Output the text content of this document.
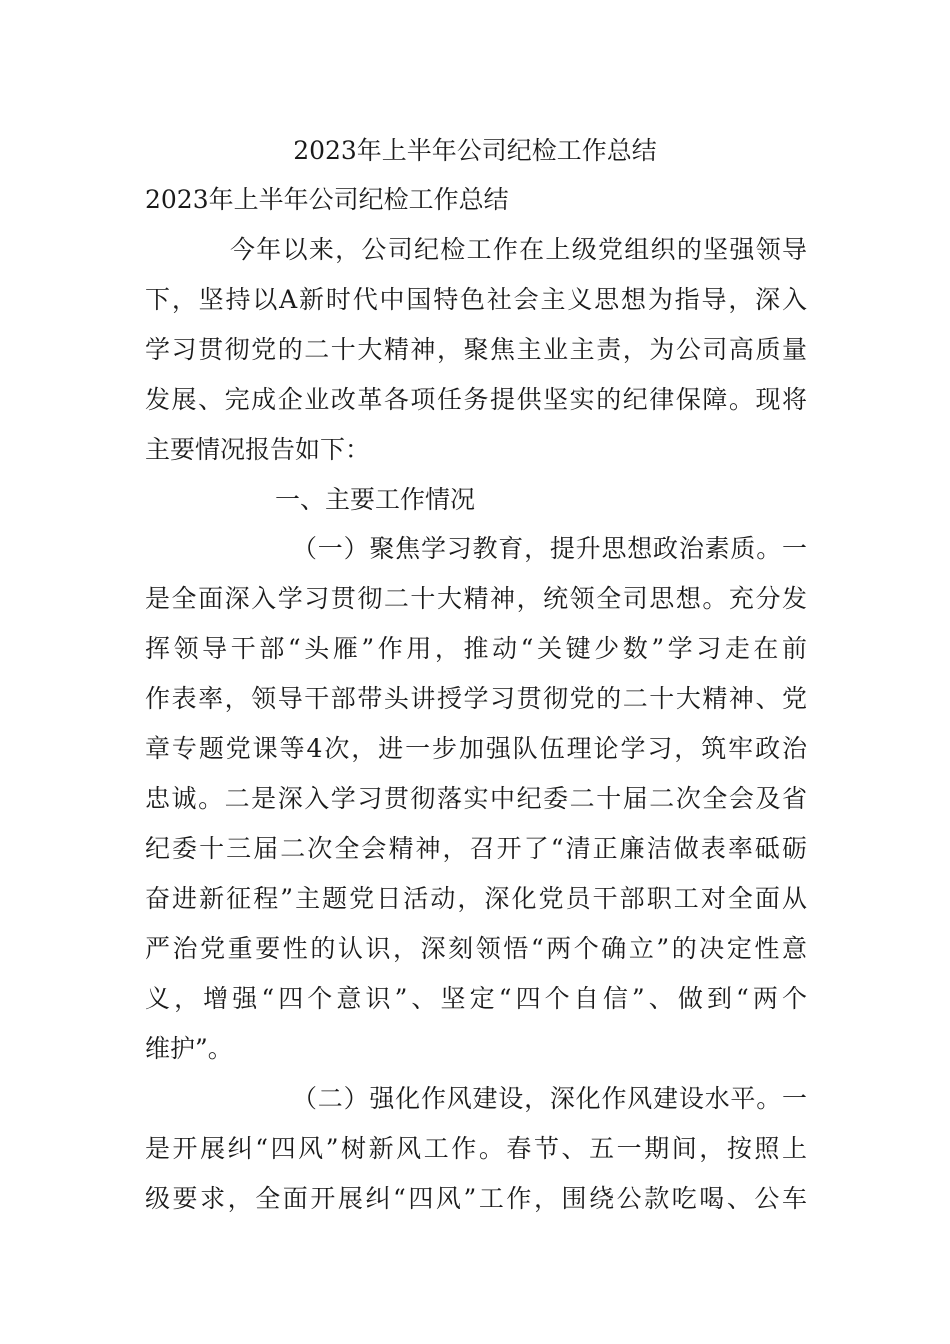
2023年上半年公司纪检工作总结
2023年上半年公司纪检工作总结
今年以来，公司纪检工作在上级党组织的坚强领导
下，坚持以A新时代中国特色社会主义思想为指导，深入
学习贯彻党的二十大精神，聚焦主业主责，为公司高质量
发展、完成企业改革各项任务提供坚实的纪律保障。现将
主要情况报告如下：
一、主要工作情况
（一）聚焦学习教育，提升思想政治素质。一
是全面深入学习贯彻二十大精神，统领全司思想。充分发
挥领导干部“头雁”作用，推动“关键少数”学习走在前
作表率，领导干部带头讲授学习贯彻党的二十大精神、党
章专题党课等4次，进一步加强队伍理论学习，筑牢政治
忠诚。二是深入学习贯彻落实中纪委二十届二次全会及省
纪委十三届二次全会精神，召开了“清正廉洁做表率砥砺
奋进新征程”主题党日活动，深化党员干部职工对全面从
严治党重要性的认识，深刻领悟“两个确立”的决定性意
义，增强“四个意识”、坚定“四个自信”、做到“两个
维护”。
（二）强化作风建设，深化作风建设水平。一
是开展纠“四风”树新风工作。春节、五一期间，按照上
级要求，全面开展纠“四风”工作，围绕公款吃喝、公车
